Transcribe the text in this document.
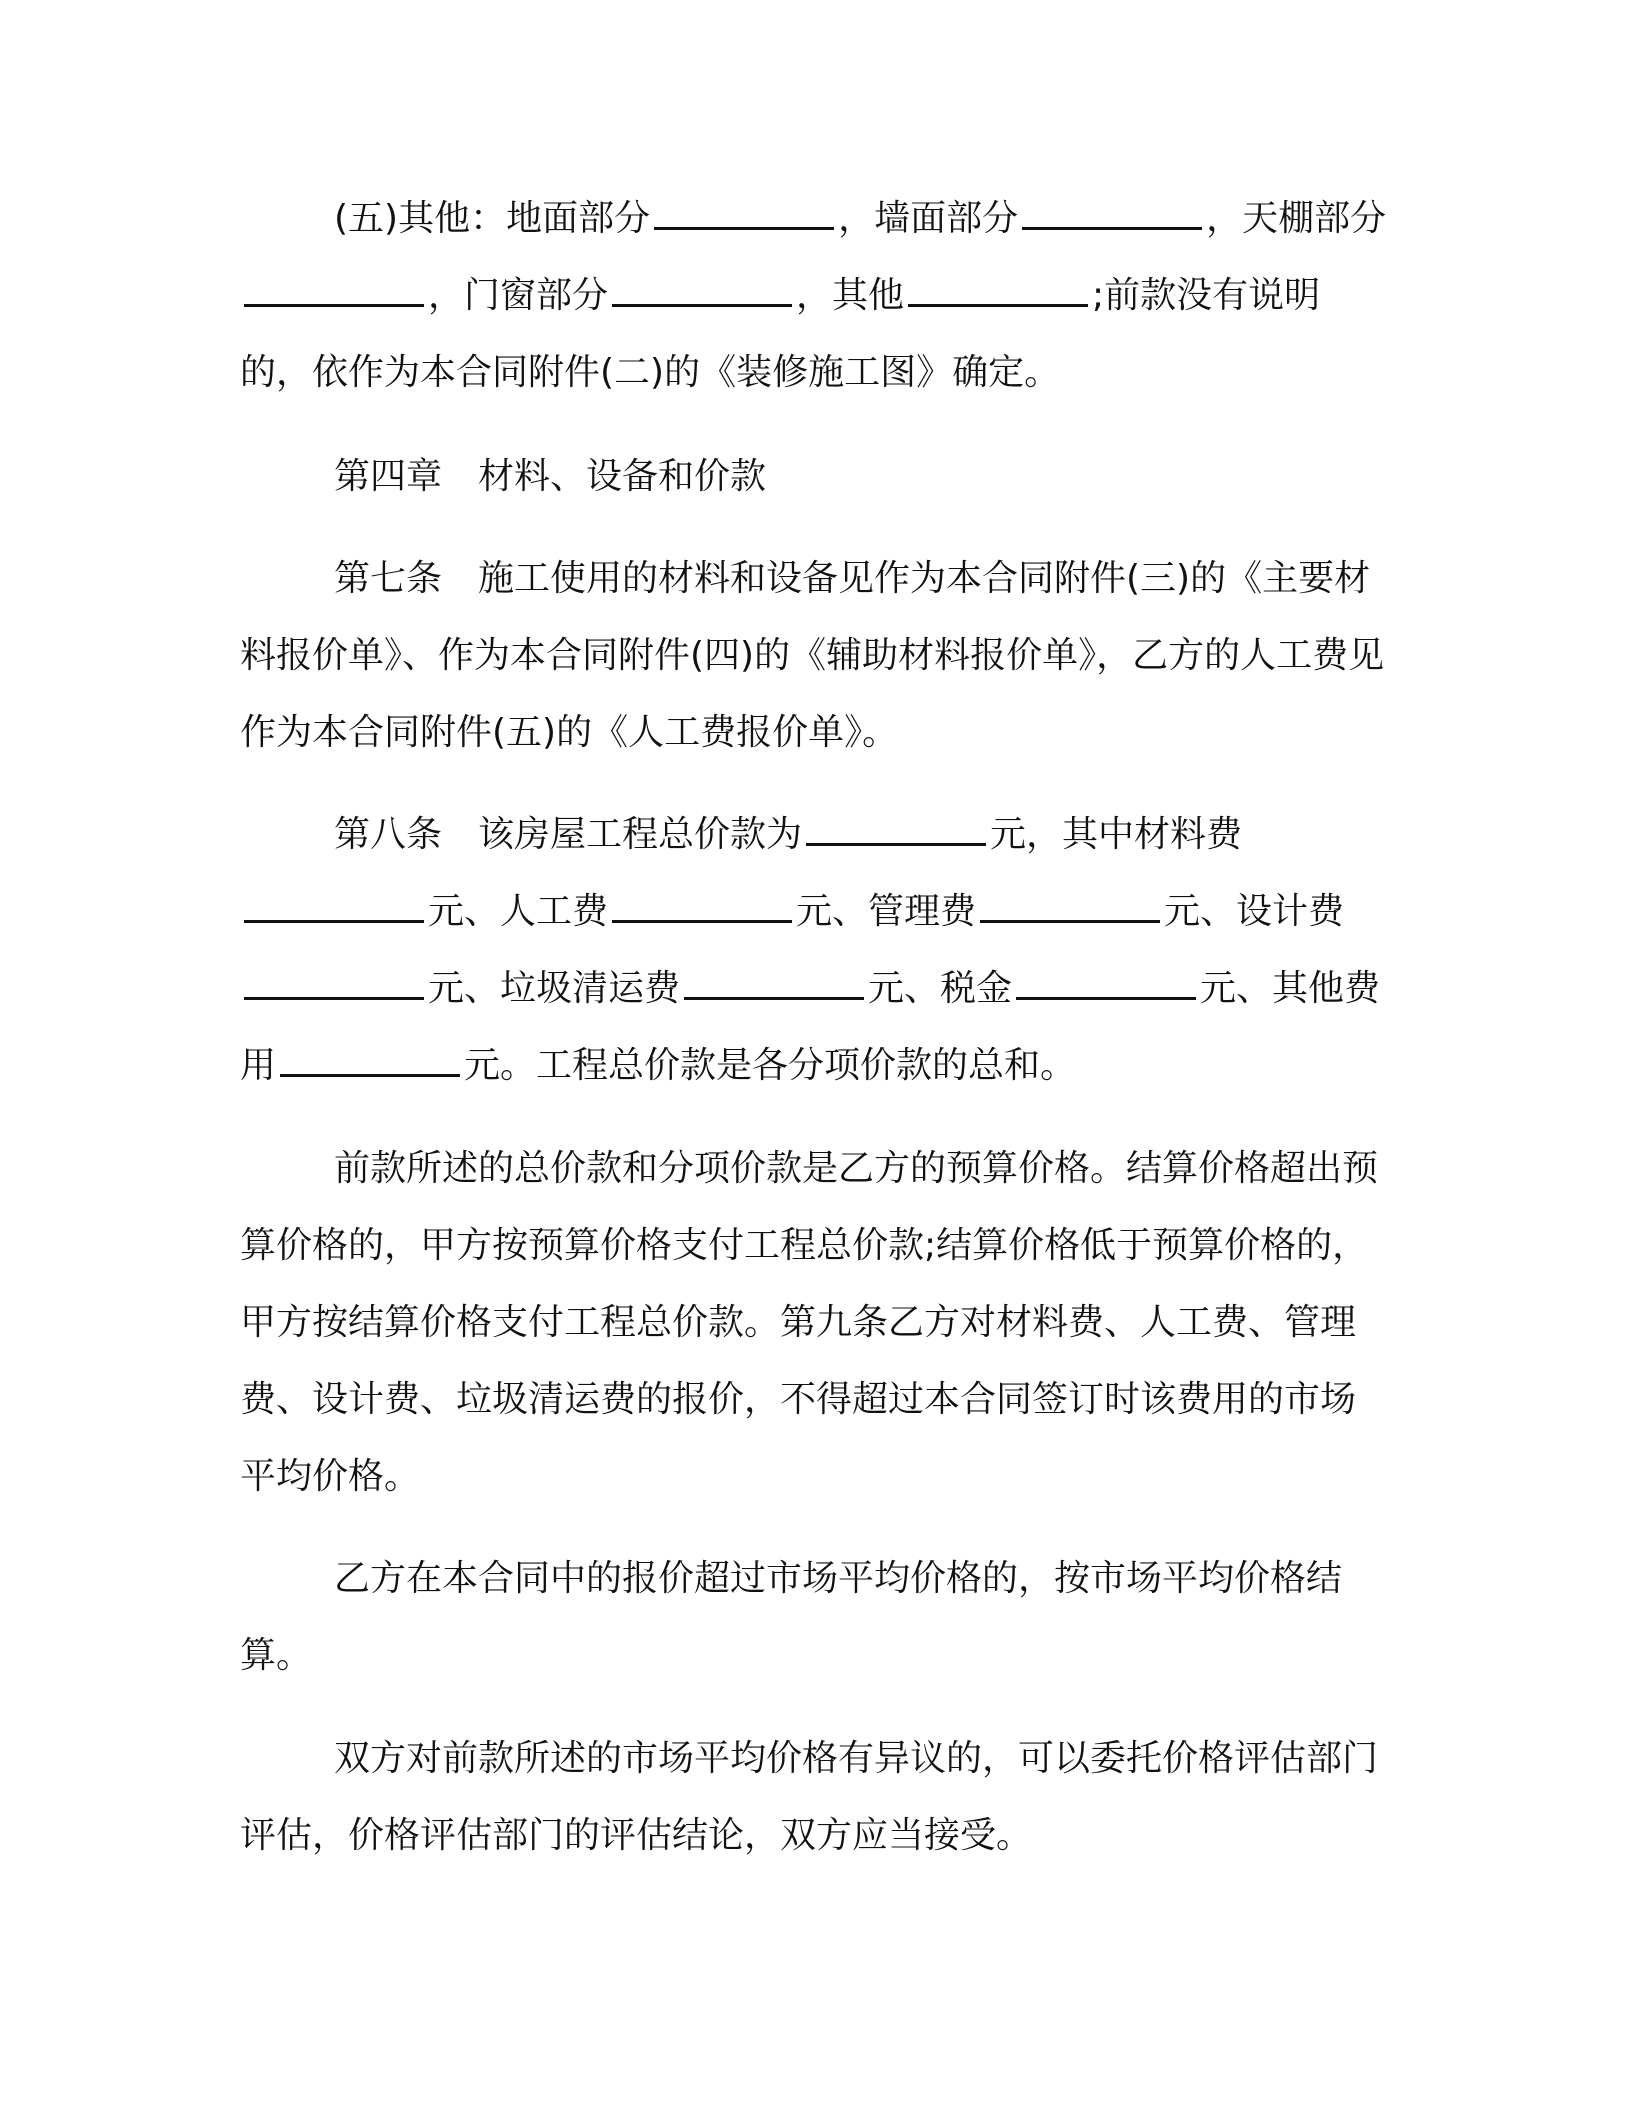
(五)其他：地面部分	，墙面部分	，天棚部分，门窗部分	，其他	;前款没有说明的，依作为本合同附件(二)的《装修施工图》确定。

第四章　材料、设备和价款

第七条　施工使用的材料和设备见作为本合同附件(三)的《主要材料报价单》、作为本合同附件(四)的《辅助材料报价单》，乙方的人工费见作为本合同附件(五)的《人工费报价单》。

第八条　该房屋工程总价款为	元，其中材料费元、人工费	元、管理费	元、设计费元、垃圾清运费	元、税金	元、其他费用	元。工程总价款是各分项价款的总和。

前款所述的总价款和分项价款是乙方的预算价格。结算价格超出预算价格的，甲方按预算价格支付工程总价款;结算价格低于预算价格的，甲方按结算价格支付工程总价款。第九条乙方对材料费、人工费、管理费、设计费、垃圾清运费的报价，不得超过本合同签订时该费用的市场平均价格。

乙方在本合同中的报价超过市场平均价格的，按市场平均价格结算。

双方对前款所述的市场平均价格有异议的，可以委托价格评估部门评估，价格评估部门的评估结论，双方应当接受。
